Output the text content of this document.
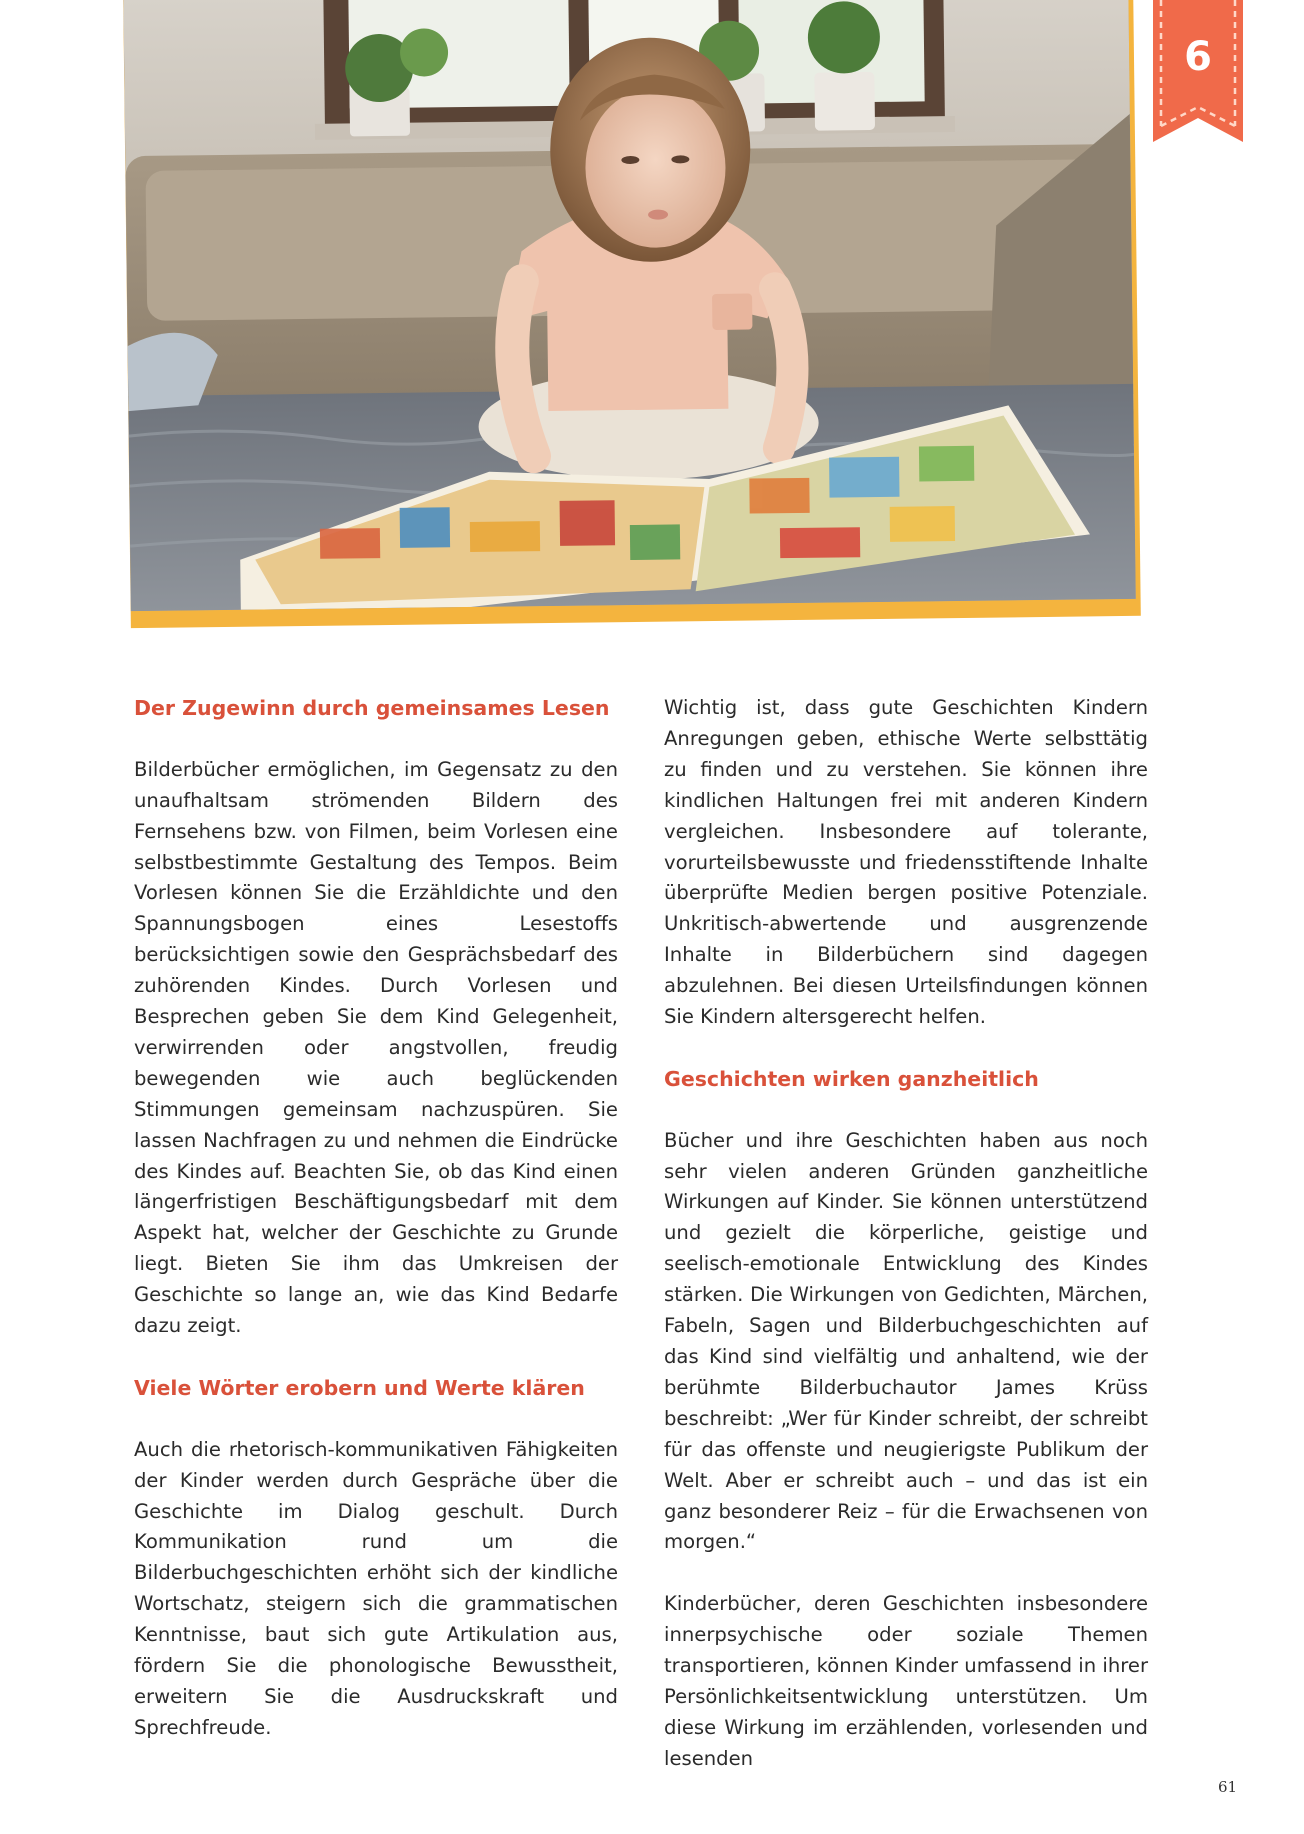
6
Der Zugewinn durch gemeinsames Lesen

Bilderbücher ermöglichen, im Gegensatz zu den unaufhaltsam strömenden Bildern des Fernsehens bzw. von Filmen, beim Vorlesen eine selbstbestimmte Gestaltung des Tempos. Beim Vorlesen können Sie die Erzähldichte und den Spannungsbogen eines Lesestoffs berücksichtigen sowie den Gesprächsbedarf des zuhörenden Kindes. Durch Vorlesen und Besprechen geben Sie dem Kind Gelegenheit, verwirrenden oder angstvollen, freudig bewegenden wie auch beglückenden Stimmungen gemeinsam nachzuspüren. Sie lassen Nachfragen zu und nehmen die Eindrücke des Kindes auf. Beachten Sie, ob das Kind einen längerfristigen Beschäftigungsbedarf mit dem Aspekt hat, welcher der Geschichte zu Grunde liegt. Bieten Sie ihm das Umkreisen der Geschichte so lange an, wie das Kind Bedarfe dazu zeigt.

Viele Wörter erobern und Werte klären

Auch die rhetorisch-kommunikativen Fähigkeiten der Kinder werden durch Gespräche über die Geschichte im Dialog geschult. Durch Kommunikation rund um die Bilderbuchgeschichten erhöht sich der kindliche Wortschatz, steigern sich die grammatischen Kenntnisse, baut sich gute Artikulation aus, fördern Sie die phonologische Bewusstheit, erweitern Sie die Ausdruckskraft und Sprechfreude.

Wichtig ist, dass gute Geschichten Kindern Anregungen geben, ethische Werte selbsttätig zu finden und zu verstehen. Sie können ihre kindlichen Haltungen frei mit anderen Kindern vergleichen. Insbesondere auf tolerante, vorurteilsbewusste und friedensstiftende Inhalte überprüfte Medien bergen positive Potenziale. Unkritisch-abwertende und ausgrenzende Inhalte in Bilderbüchern sind dagegen abzulehnen. Bei diesen Urteilsfindungen können Sie Kindern altersgerecht helfen.

Geschichten wirken ganzheitlich

Bücher und ihre Geschichten haben aus noch sehr vielen anderen Gründen ganzheitliche Wirkungen auf Kinder. Sie können unterstützend und gezielt die körperliche, geistige und seelisch-emotionale Entwicklung des Kindes stärken. Die Wirkungen von Gedichten, Märchen, Fabeln, Sagen und Bilderbuchgeschichten auf das Kind sind vielfältig und anhaltend, wie der berühmte Bilderbuchautor James Krüss beschreibt: „Wer für Kinder schreibt, der schreibt für das offenste und neugierigste Publikum der Welt. Aber er schreibt auch – und das ist ein ganz besonderer Reiz – für die Erwachsenen von morgen.“

Kinderbücher, deren Geschichten insbesondere innerpsychische oder soziale Themen transportieren, können Kinder umfassend in ihrer Persönlichkeitsentwicklung unterstützen. Um diese Wirkung im erzählenden, vorlesenden und lesenden

61
